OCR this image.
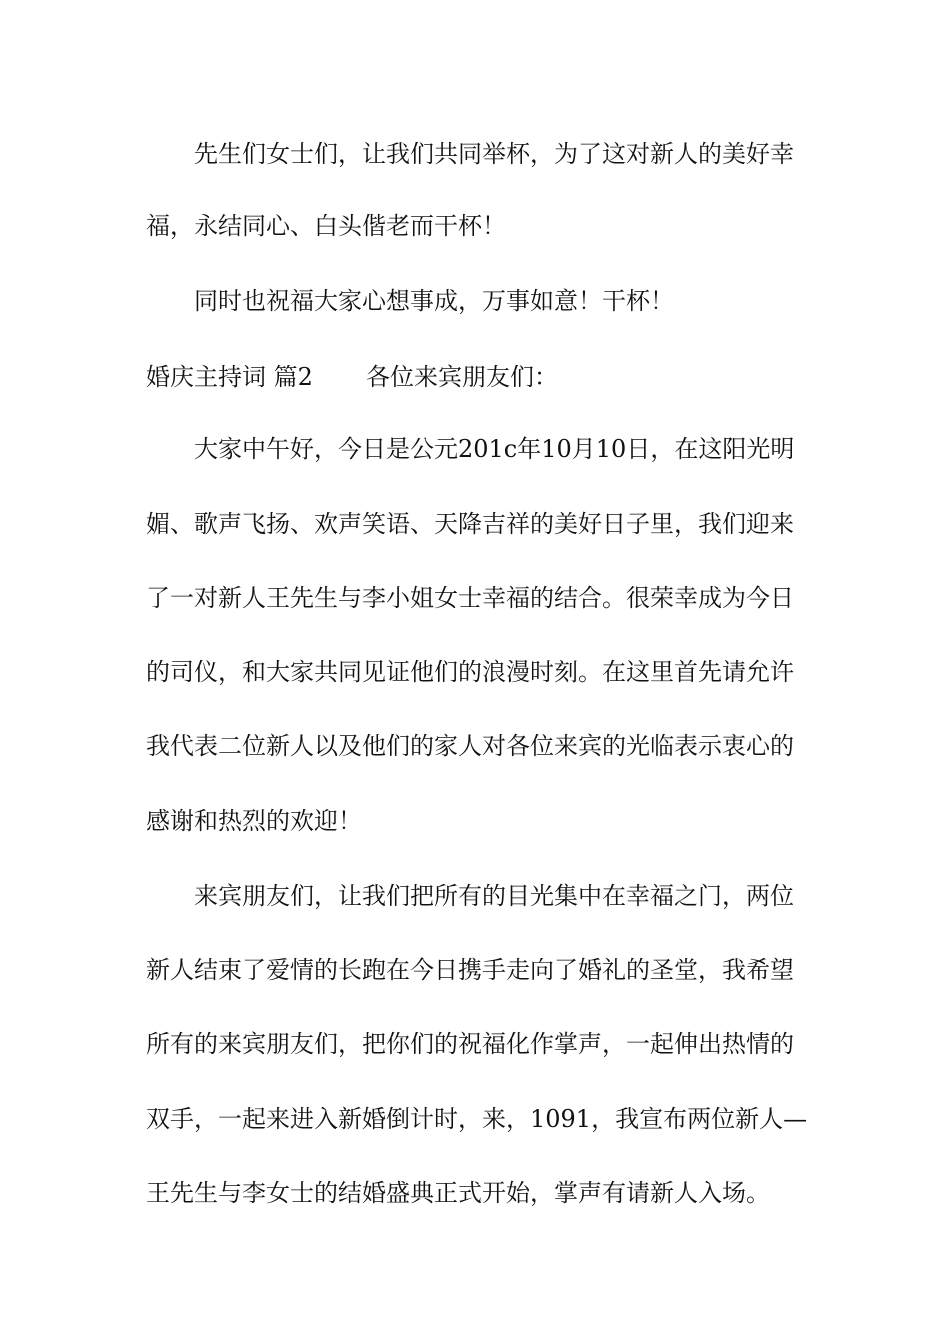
先生们女士们，让我们共同举杯，为了这对新人的美好幸
福，永结同心、白头偕老而干杯！
同时也祝福大家心想事成，万事如意！干杯！
婚庆主持词 篇2 各位来宾朋友们：
大家中午好，今日是公元201c年10月10日，在这阳光明
媚、歌声飞扬、欢声笑语、天降吉祥的美好日子里，我们迎来
了一对新人王先生与李小姐女士幸福的结合。很荣幸成为今日
的司仪，和大家共同见证他们的浪漫时刻。在这里首先请允许
我代表二位新人以及他们的家人对各位来宾的光临表示衷心的
感谢和热烈的欢迎！
来宾朋友们，让我们把所有的目光集中在幸福之门，两位
新人结束了爱情的长跑在今日携手走向了婚礼的圣堂，我希望
所有的来宾朋友们，把你们的祝福化作掌声，一起伸出热情的
双手，一起来进入新婚倒计时，来，1091，我宣布两位新人—
王先生与李女士的结婚盛典正式开始，掌声有请新人入场。
